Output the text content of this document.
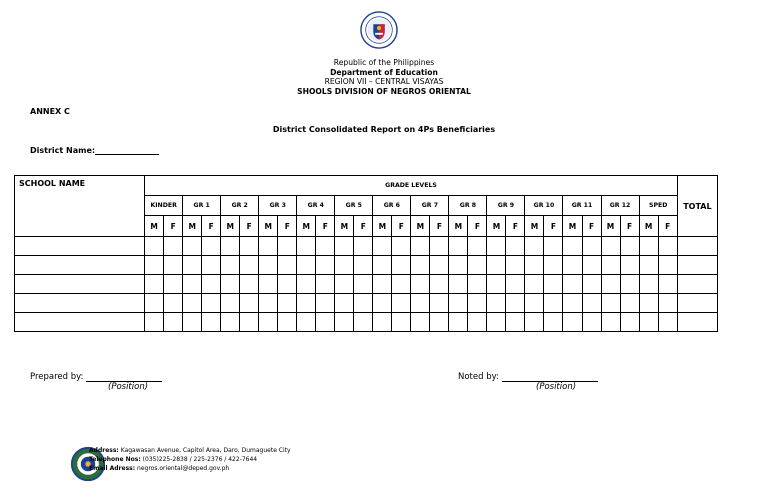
Republic of the Philippines
Department of Education
REGION VII – CENTRAL VISAYAS
SHOOLS DIVISION OF NEGROS ORIENTAL
ANNEX C
District Consolidated Report on 4Ps Beneficiaries
District Name:
SCHOOL NAME	GRADE LEVELS																												TOTAL
	KINDER		GR 1		GR 2		GR 3		GR 4		GR 5		GR 6		GR 7		GR 8		GR 9		GR 10		GR 11		GR 12		SPED		
	M	F	M	F	M	F	M	F	M	F	M	F	M	F	M	F	M	F	M	F	M	F	M	F	M	F	M	F	

Prepared by:
(Position)
Noted by:
(Position)
Address: Kagawasan Avenue, Capitol Area, Daro, Dumaguete City
Telephone Nos: (035)225-2838 / 225-2376 / 422-7644
Email Adress: negros.oriental@deped.gov.ph
